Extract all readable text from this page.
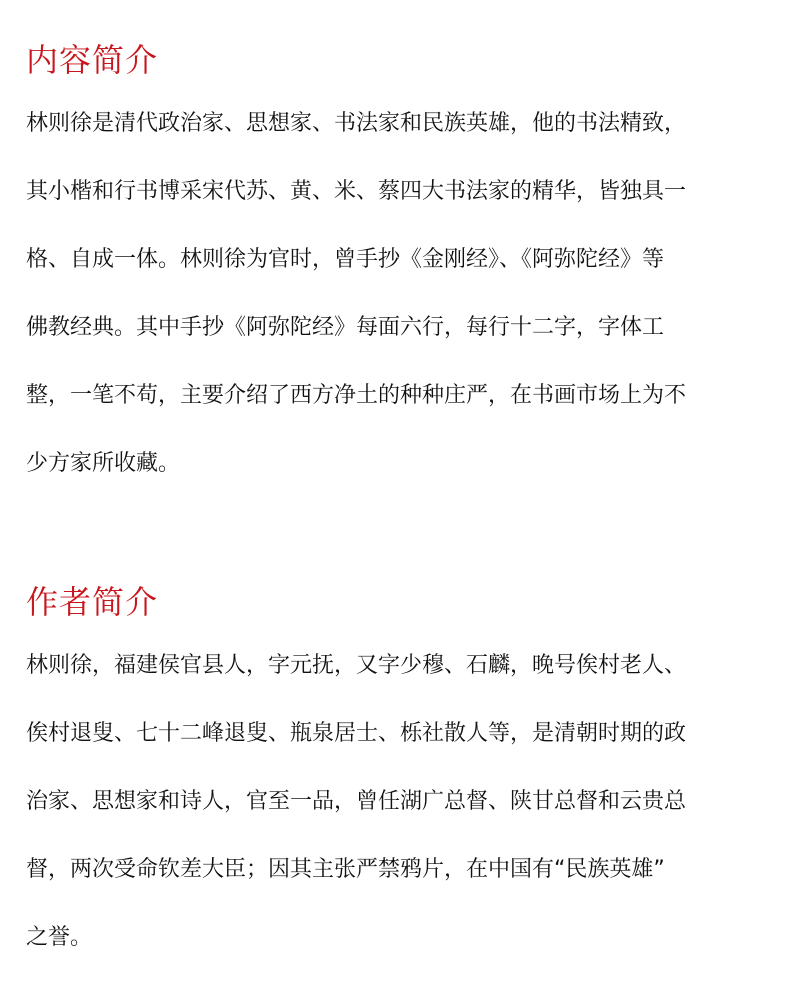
内容简介

林则徐是清代政治家、思想家、书法家和民族英雄，他的书法精致，

其小楷和行书博采宋代苏、黄、米、蔡四大书法家的精华，皆独具一

格、自成一体。林则徐为官时，曾手抄《金刚经》、《阿弥陀经》等

佛教经典。其中手抄《阿弥陀经》每面六行，每行十二字，字体工

整，一笔不苟，主要介绍了西方净土的种种庄严，在书画市场上为不

少方家所收藏。

作者简介

林则徐，福建侯官县人，字元抚，又字少穆、石麟，晚号俟村老人、

俟村退叟、七十二峰退叟、瓶泉居士、栎社散人等，是清朝时期的政

治家、思想家和诗人，官至一品，曾任湖广总督、陕甘总督和云贵总

督，两次受命钦差大臣；因其主张严禁鸦片，在中国有“民族英雄”

之誉。
